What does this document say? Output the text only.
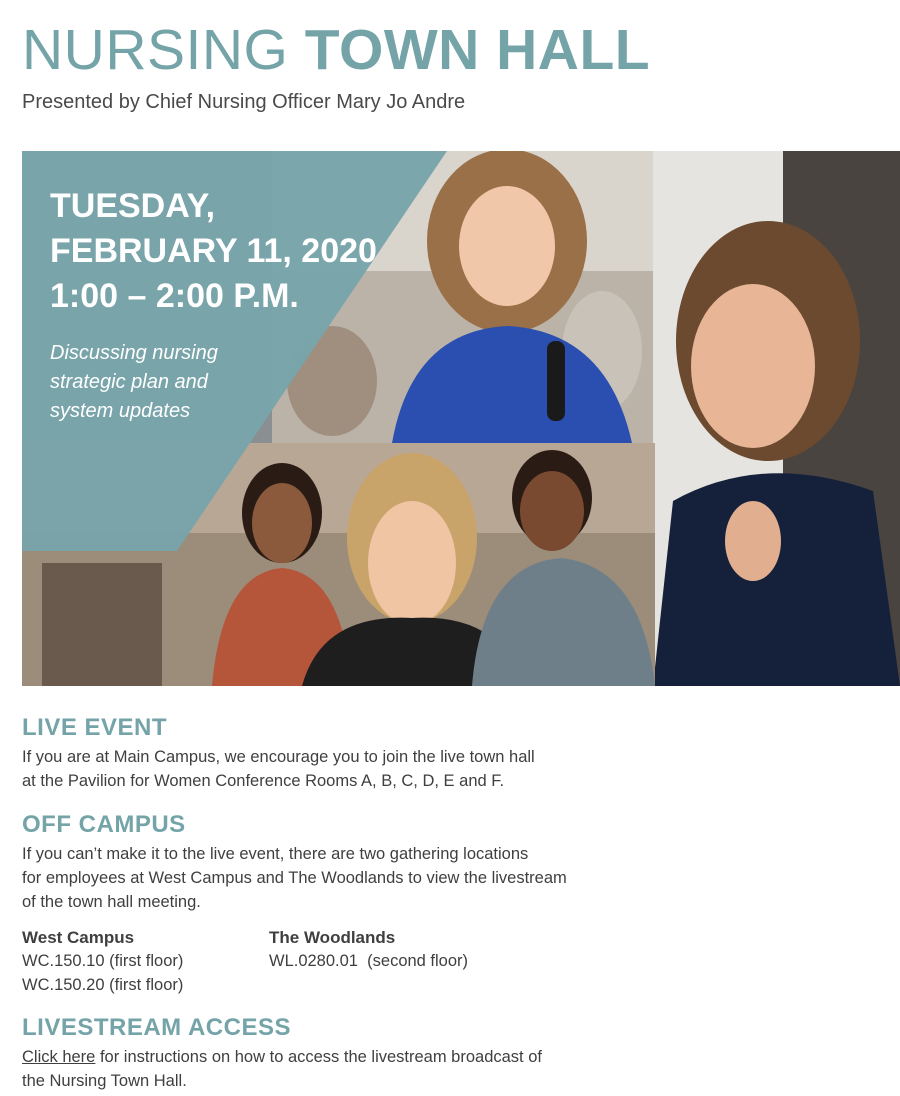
NURSING TOWN HALL
Presented by Chief Nursing Officer Mary Jo Andre
TUESDAY,
FEBRUARY 11, 2020
1:00 – 2:00 P.M.
Discussing nursing
strategic plan and
system updates
LIVE EVENT
If you are at Main Campus, we encourage you to join the live town hall
at the Pavilion for Women Conference Rooms A, B, C, D, E and F.
OFF CAMPUS
If you can’t make it to the live event, there are two gathering locations
for employees at West Campus and The Woodlands to view the livestream
of the town hall meeting.
West Campus
WC.150.10 (first floor)
WC.150.20 (first floor)
The Woodlands
WL.0280.01  (second floor)
LIVESTREAM ACCESS
Click here for instructions on how to access the livestream broadcast of
the Nursing Town Hall.
